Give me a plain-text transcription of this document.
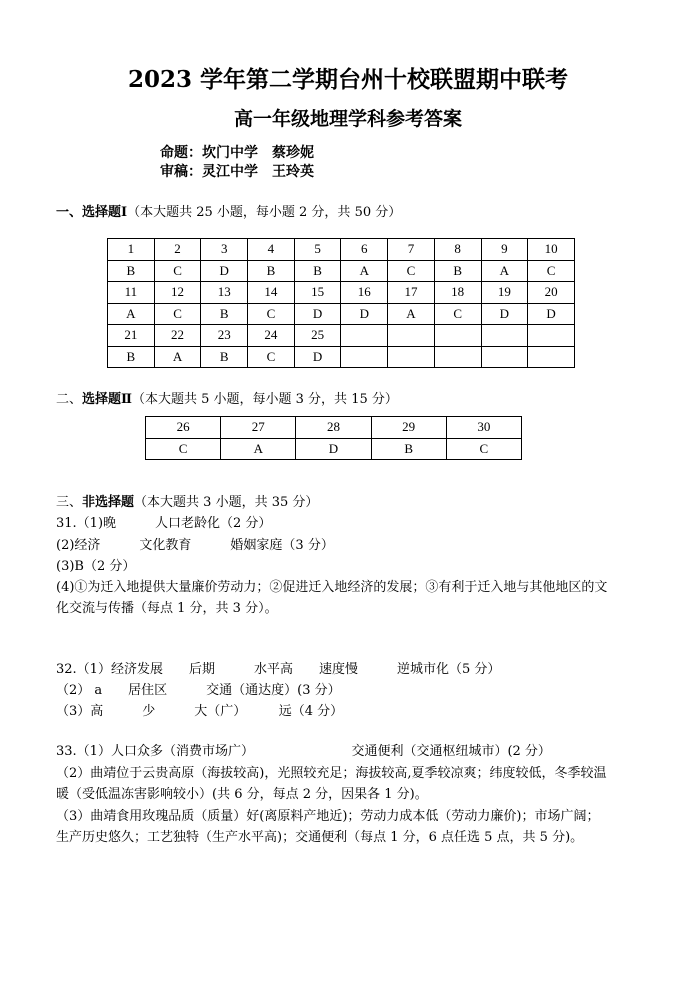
2023 学年第二学期台州十校联盟期中联考
高一年级地理学科参考答案
命题：坎门中学　蔡珍妮
审稿：灵江中学　王玲英
一、选择题Ⅰ（本大题共 25 小题，每小题 2 分，共 50 分）
1	2	3	4	5	6	7	8	9	10
B	C	D	B	B	A	C	B	A	C
11	12	13	14	15	16	17	18	19	20
A	C	B	C	D	D	A	C	D	D
21	22	23	24	25					
B	A	B	C	D					
二、选择题Ⅱ（本大题共 5 小题，每小题 3 分，共 15 分）
26	27	28	29	30
C	A	D	B	C
三、非选择题（本大题共 3 小题，共 35 分）
31.（1)晚　　　人口老龄化（2 分）
(2)经济　　　文化教育　　　婚姻家庭（3 分）
(3)B（2 分）
(4)①为迁入地提供大量廉价劳动力；②促进迁入地经济的发展；③有利于迁入地与其他地区的文
化交流与传播（每点 1 分，共 3 分）。
32.（1）经济发展　　后期　　　水平高　　速度慢　　　逆城市化（5 分）
（2） a　　居住区　　　交通（通达度）(3 分）
（3）高　　　少　　　大（广）　　　远（4 分）
33.（1）人口众多（消费市场广）　　　　　　　　交通便利（交通枢纽城市）(2 分）
（2）曲靖位于云贵高原（海拔较高)，光照较充足；海拔较高,夏季较凉爽；纬度较低，冬季较温
暖（受低温冻害影响较小）(共 6 分，每点 2 分，因果各 1 分)。
（3）曲靖食用玫瑰品质（质量）好(离原料产地近)；劳动力成本低（劳动力廉价)；市场广阔；
生产历史悠久；工艺独特（生产水平高)；交通便利（每点 1 分，6 点任选 5 点，共 5 分)。
